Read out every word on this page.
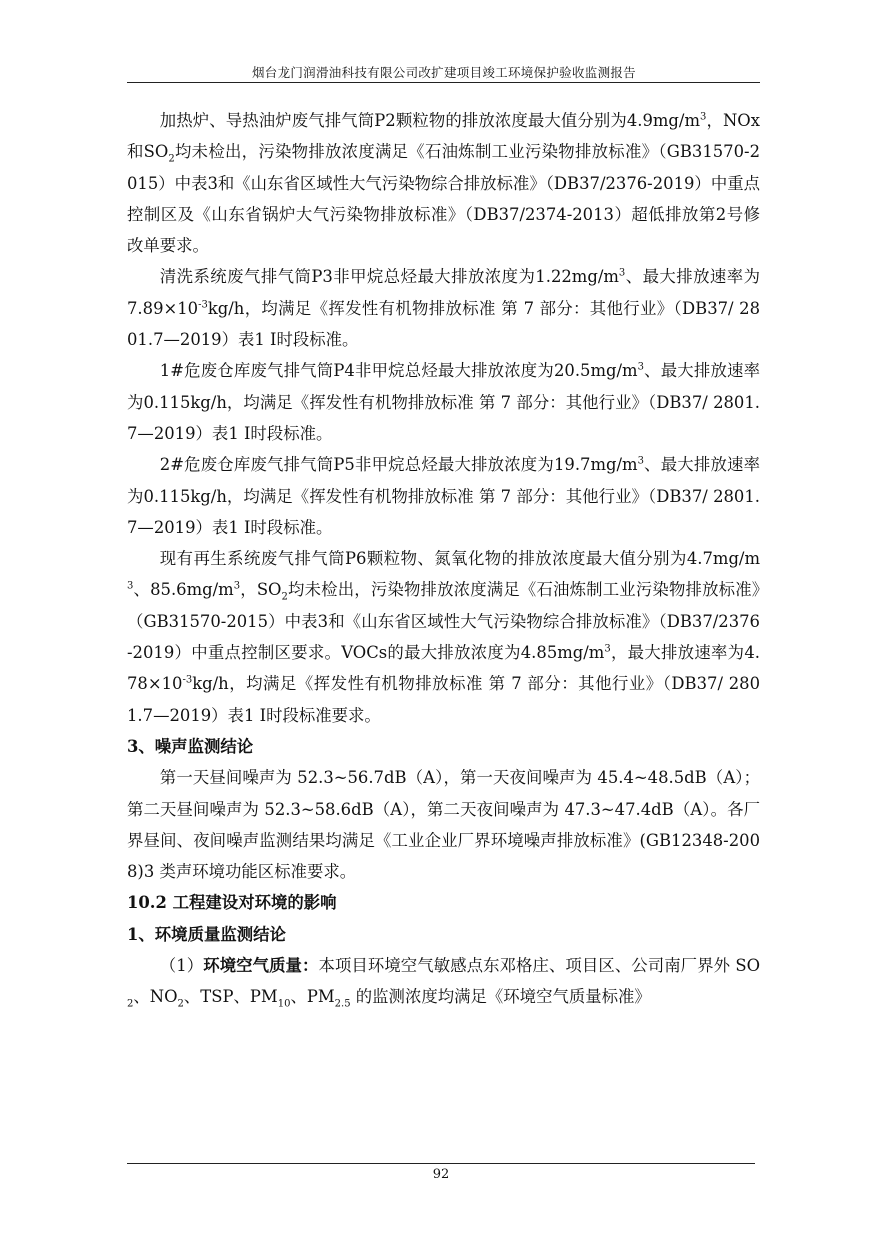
烟台龙门润滑油科技有限公司改扩建项目竣工环境保护验收监测报告

加热炉、导热油炉废气排气筒P2颗粒物的排放浓度最大值分别为$4.9mg/m^3$，NOx和$SO_2$均未检出，污染物排放浓度满足《石油炼制工业污染物排放标准》（GB31570-2015）中表3和《山东省区域性大气污染物综合排放标准》（DB37/2376-2019）中重点控制区及《山东省锅炉大气污染物排放标准》（DB37/2374-2013）超低排放第2号修改单要求。

清洗系统废气排气筒P3非甲烷总烃最大排放浓度为$1.22mg/m^3$、最大排放速率为$7.89\times 10^{-3}kg/h$，均满足《挥发性有机物排放标准 第 7 部分：其他行业》（DB37/ 2801.7—2019）表1 Ⅰ时段标准。

1#危废仓库废气排气筒P4非甲烷总烃最大排放浓度为$20.5mg/m^3$、最大排放速率为0.115kg/h，均满足《挥发性有机物排放标准 第 7 部分：其他行业》（DB37/ 2801.7—2019）表1 Ⅰ时段标准。

2#危废仓库废气排气筒P5非甲烷总烃最大排放浓度为$19.7mg/m^3$、最大排放速率为0.115kg/h，均满足《挥发性有机物排放标准 第 7 部分：其他行业》（DB37/ 2801.7—2019）表1 Ⅰ时段标准。

现有再生系统废气排气筒P6颗粒物、氮氧化物的排放浓度最大值分别为$4.7mg/m^3$、$85.6mg/m^3$，$SO_2$均未检出，污染物排放浓度满足《石油炼制工业污染物排放标准》（GB31570-2015）中表3和《山东省区域性大气污染物综合排放标准》（DB37/2376-2019）中重点控制区要求。VOCs的最大排放浓度为$4.85mg/m^3$，最大排放速率为$4.78\times 10^{-3}kg/h$，均满足《挥发性有机物排放标准 第 7 部分：其他行业》（DB37/ 2801.7—2019）表1 Ⅰ时段标准要求。

3、噪声监测结论

第一天昼间噪声为 52.3~56.7dB（A），第一天夜间噪声为 45.4~48.5dB（A）；第二天昼间噪声为 52.3~58.6dB（A），第二天夜间噪声为 47.3~47.4dB（A）。各厂界昼间、夜间噪声监测结果均满足《工业企业厂界环境噪声排放标准》(GB12348-2008)3 类声环境功能区标准要求。

10.2 工程建设对环境的影响

1、环境质量监测结论

（1）环境空气质量：本项目环境空气敏感点东邓格庄、项目区、公司南厂界外 $SO_2$、$NO_2$、TSP、$PM_{10}$、$PM_{2.5}$ 的监测浓度均满足《环境空气质量标准》

92
